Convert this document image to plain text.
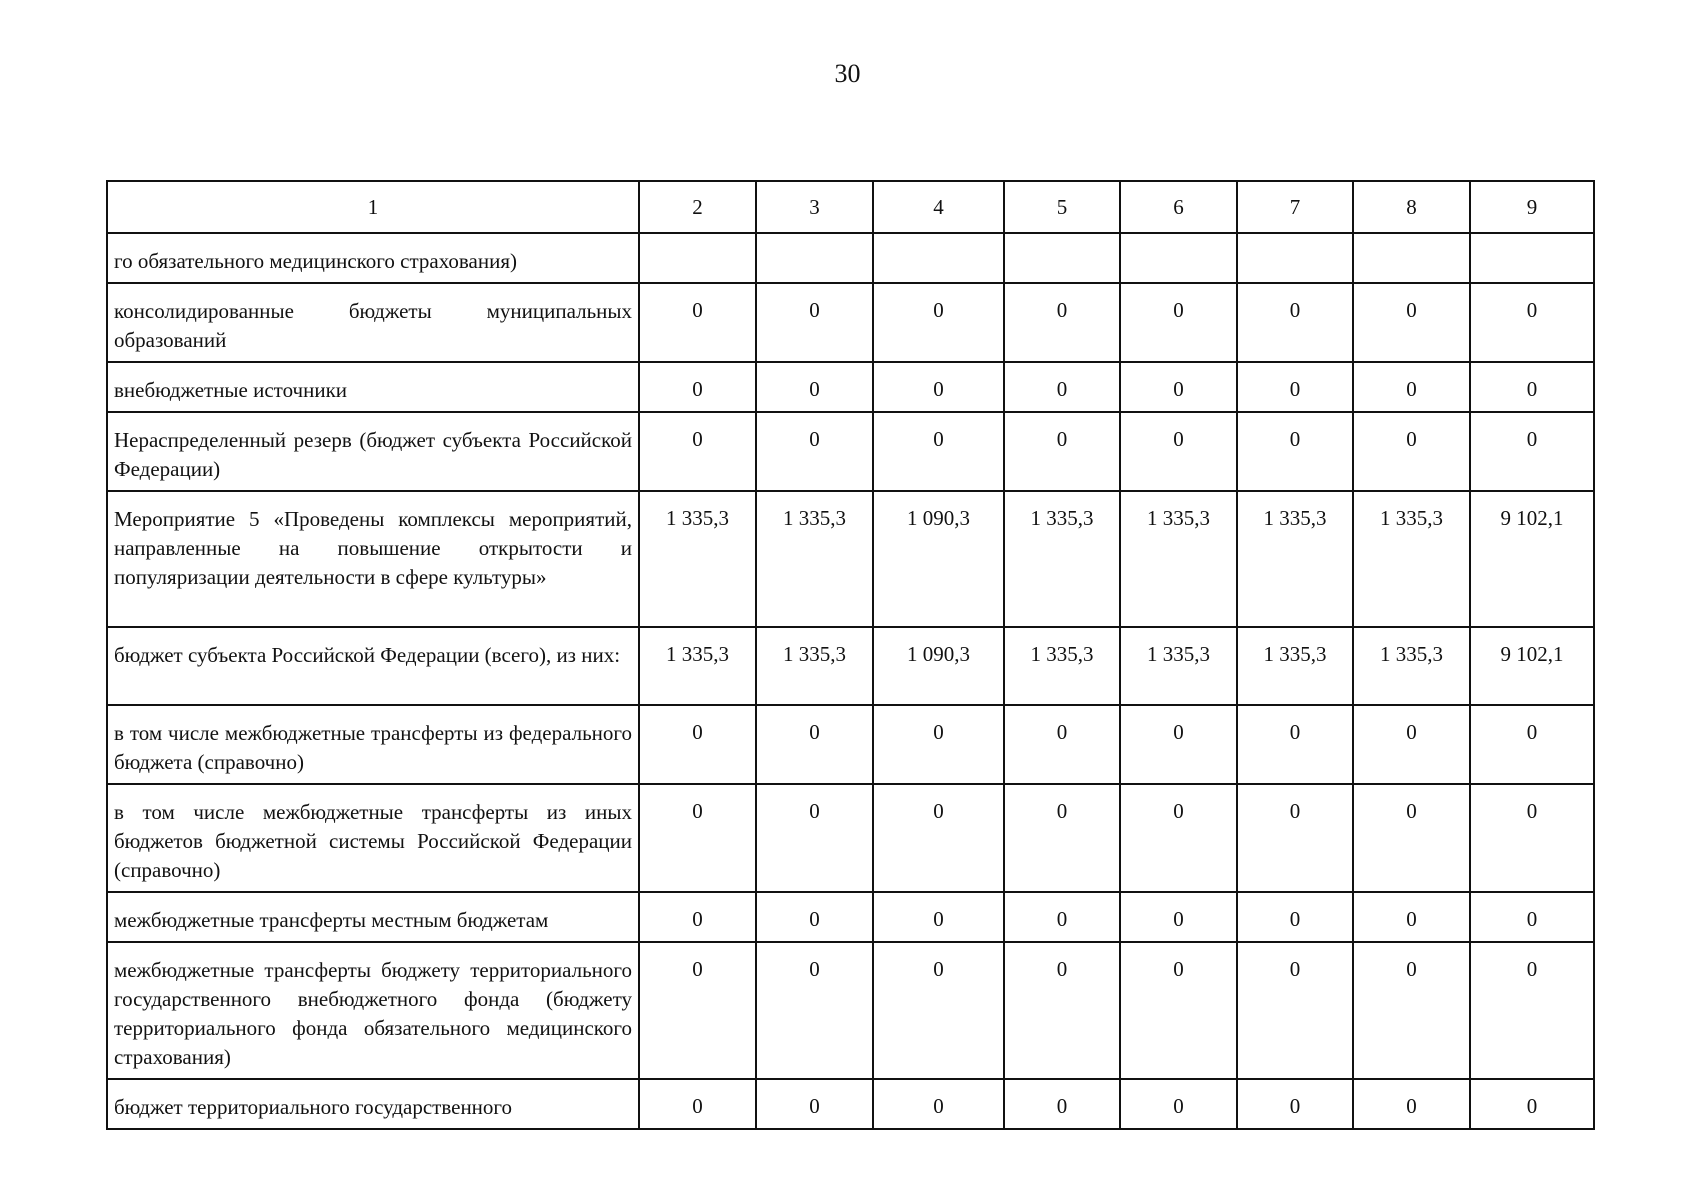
30
1	2	3	4	5	6	7	8	9
го обязательного медицинского страхования)								
консолидированные бюджеты муниципальных образований	0	0	0	0	0	0	0	0
внебюджетные источники	0	0	0	0	0	0	0	0
Нераспределенный резерв (бюджет субъекта Российской Федерации)	0	0	0	0	0	0	0	0
Мероприятие 5 «Проведены комплексы мероприятий, направленные на повышение открытости и популяризации деятельности в сфере культуры»	1 335,3	1 335,3	1 090,3	1 335,3	1 335,3	1 335,3	1 335,3	9 102,1
бюджет субъекта Российской Федерации (всего), из них:	1 335,3	1 335,3	1 090,3	1 335,3	1 335,3	1 335,3	1 335,3	9 102,1
в том числе межбюджетные трансферты из федерального бюджета (справочно)	0	0	0	0	0	0	0	0
в том числе межбюджетные трансферты из иных бюджетов бюджетной системы Российской Федерации (справочно)	0	0	0	0	0	0	0	0
межбюджетные трансферты местным бюджетам	0	0	0	0	0	0	0	0
межбюджетные трансферты бюджету территориального государственного внебюджетного фонда (бюджету территориального фонда обязательного медицинского страхования)	0	0	0	0	0	0	0	0
бюджет территориального государственного	0	0	0	0	0	0	0	0
